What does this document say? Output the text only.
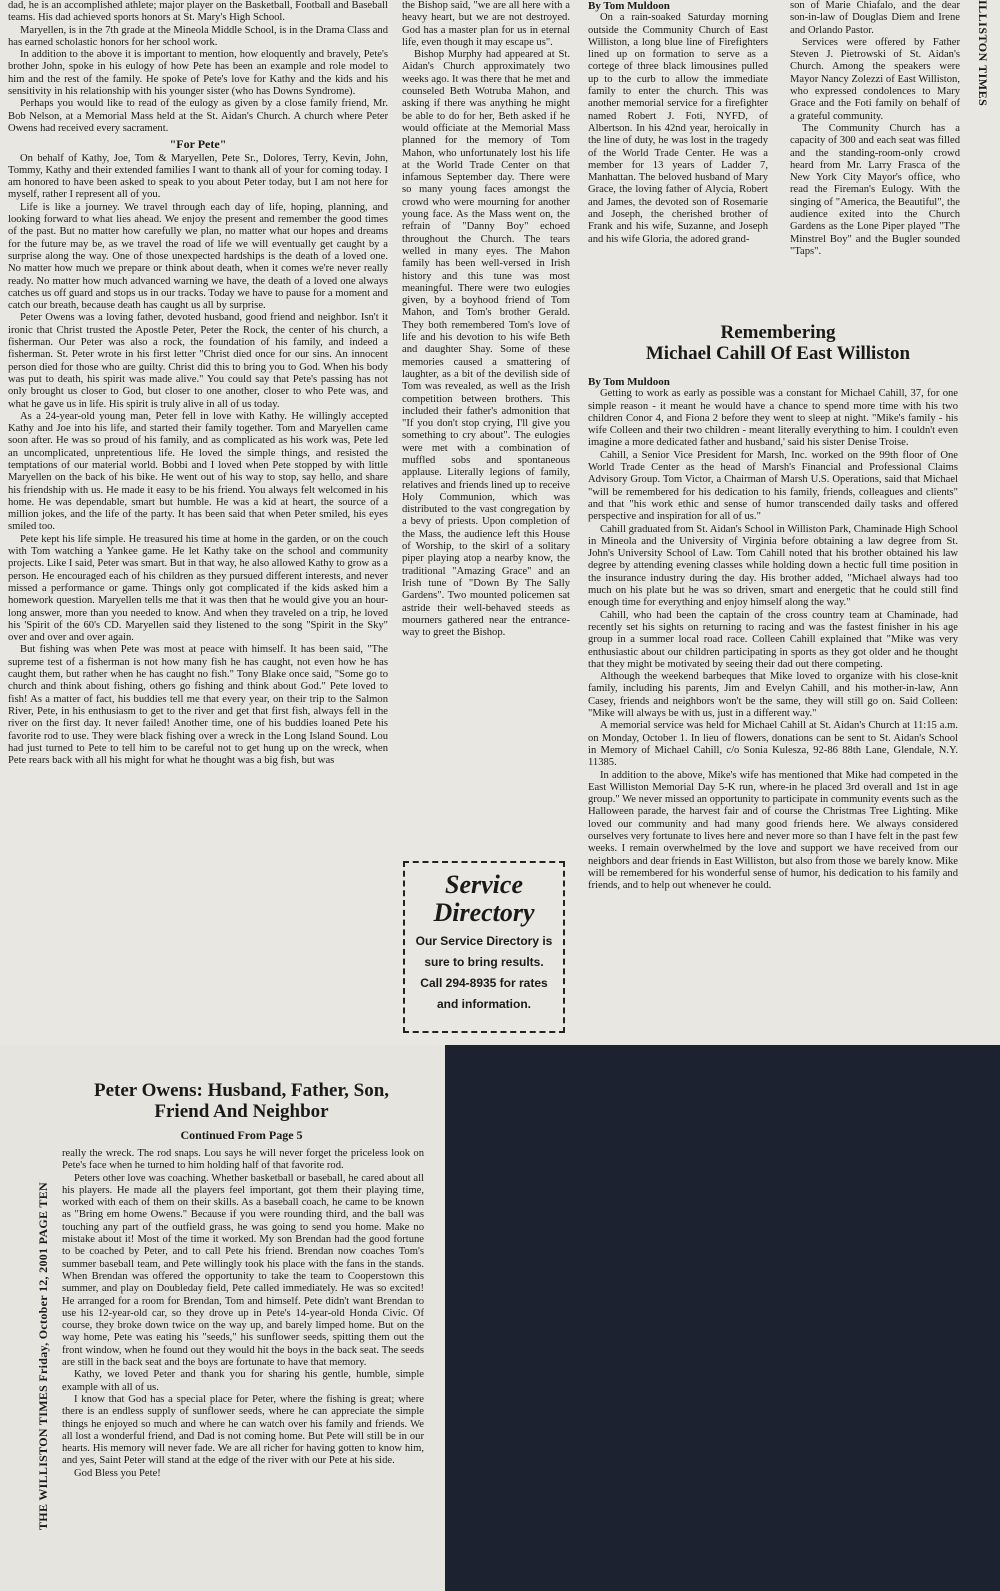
dad, he is an accomplished athlete; major player on the Basketball, Football and Baseball teams. His dad achieved sports honors at St. Mary's High School.

Maryellen, is in the 7th grade at the Mineola Middle School, is in the Drama Class and has earned scholastic honors for her school work.

In addition to the above it is important to mention, how eloquently and bravely, Pete's brother John, spoke in his eulogy of how Pete has been an example and role model to him and the rest of the family. He spoke of Pete's love for Kathy and the kids and his sensitivity in his relationship with his younger sister (who has Downs Syndrome).

Perhaps you would like to read of the eulogy as given by a close family friend, Mr. Bob Nelson, at a Memorial Mass held at the St. Aidan's Church. A church where Peter Owens had received every sacrament.

"For Pete"

On behalf of Kathy, Joe, Tom & Maryellen, Pete Sr., Dolores, Terry, Kevin, John, Tommy, Kathy and their extended families I want to thank all of your for coming today. I am honored to have been asked to speak to you about Peter today, but I am not here for myself, rather I represent all of you.

Life is like a journey. We travel through each day of life, hoping, planning, and looking forward to what lies ahead. We enjoy the present and remember the good times of the past. But no matter how carefully we plan, no matter what our hopes and dreams for the future may be, as we travel the road of life we will eventually get caught by a surprise along the way. One of those unexpected hardships is the death of a loved one. No matter how much we prepare or think about death, when it comes we're never really ready. No matter how much advanced warning we have, the death of a loved one always catches us off guard and stops us in our tracks. Today we have to pause for a moment and catch our breath, because death has caught us all by surprise.

Peter Owens was a loving father, devoted husband, good friend and neighbor. Isn't it ironic that Christ trusted the Apostle Peter, Peter the Rock, the center of his church, a fisherman. Our Peter was also a rock, the foundation of his family, and indeed a fisherman. St. Peter wrote in his first letter "Christ died once for our sins. An innocent person died for those who are guilty. Christ did this to bring you to God. When his body was put to death, his spirit was made alive." You could say that Pete's passing has not only brought us closer to God, but closer to one another, closer to who Pete was, and what he gave us in life. His spirit is truly alive in all of us today.

As a 24-year-old young man, Peter fell in love with Kathy. He willingly accepted Kathy and Joe into his life, and started their family together. Tom and Maryellen came soon after. He was so proud of his family, and as complicated as his work was, Pete led an uncomplicated, unpretentious life. He loved the simple things, and resisted the temptations of our material world. Bobbi and I loved when Pete stopped by with little Maryellen on the back of his bike. He went out of his way to stop, say hello, and share his friendship with us. He made it easy to be his friend. You always felt welcomed in his home. He was dependable, smart but humble. He was a kid at heart, the source of a million jokes, and the life of the party. It has been said that when Peter smiled, his eyes smiled too.

Pete kept his life simple. He treasured his time at home in the garden, or on the couch with Tom watching a Yankee game. He let Kathy take on the school and community projects. Like I said, Peter was smart. But in that way, he also allowed Kathy to grow as a person. He encouraged each of his children as they pursued different interests, and never missed a performance or game. Things only got complicated if the kids asked him a homework question. Maryellen tells me that it was then that he would give you an hour-long answer, more than you needed to know. And when they traveled on a trip, he loved his 'Spirit of the 60's CD. Maryellen said they listened to the song "Spirit in the Sky" over and over and over again.

But fishing was when Pete was most at peace with himself. It has been said, "The supreme test of a fisherman is not how many fish he has caught, not even how he has caught them, but rather when he has caught no fish." Tony Blake once said, "Some go to church and think about fishing, others go fishing and think about God." Pete loved to fish! As a matter of fact, his buddies tell me that every year, on their trip to the Salmon River, Pete, in his enthusiasm to get to the river and get that first fish, always fell in the river on the first day. It never failed! Another time, one of his buddies loaned Pete his favorite rod to use. They were black fishing over a wreck in the Long Island Sound. Lou had just turned to Pete to tell him to be careful not to get hung up on the wreck, when Pete rears back with all his might for what he thought was a big fish, but was

the Bishop said, "we are all here with a heavy heart, but we are not destroyed. God has a master plan for us in eternal life, even though it may escape us".

Bishop Murphy had appeared at St. Aidan's Church approximately two weeks ago. It was there that he met and counseled Beth Wotruba Mahon, and asking if there was anything he might be able to do for her, Beth asked if he would officiate at the Memorial Mass planned for the memory of Tom Mahon, who unfortunately lost his life at the World Trade Center on that infamous September day. There were so many young faces amongst the crowd who were mourning for another young face. As the Mass went on, the refrain of "Danny Boy" echoed throughout the Church. The tears welled in many eyes. The Mahon family has been well-versed in Irish history and this tune was most meaningful. There were two eulogies given, by a boyhood friend of Tom Mahon, and Tom's brother Gerald. They both remembered Tom's love of life and his devotion to his wife Beth and daughter Shay. Some of these memories caused a smattering of laughter, as a bit of the devilish side of Tom was revealed, as well as the Irish competition between brothers. This included their father's admonition that "If you don't stop crying, I'll give you something to cry about". The eulogies were met with a combination of muffled sobs and spontaneous applause. Literally legions of family, relatives and friends lined up to receive Holy Communion, which was distributed to the vast congregation by a bevy of priests. Upon completion of the Mass, the audience left this House of Worship, to the skirl of a solitary piper playing atop a nearby know, the traditional "Amazing Grace" and an Irish tune of "Down By The Sally Gardens". Two mounted policemen sat astride their well-behaved steeds as mourners gathered near the entrance-way to greet the Bishop.

By Tom Muldoon

On a rain-soaked Saturday morning outside the Community Church of East Williston, a long blue line of Firefighters lined up on formation to serve as a cortege of three black limousines pulled up to the curb to allow the immediate family to enter the church. This was another memorial service for a firefighter named Robert J. Foti, NYFD, of Albertson. In his 42nd year, heroically in the line of duty, he was lost in the tragedy of the World Trade Center. He was a member for 13 years of Ladder 7, Manhattan. The beloved husband of Mary Grace, the loving father of Alycia, Robert and James, the devoted son of Rosemarie and Joseph, the cherished brother of Frank and his wife, Suzanne, and Joseph and his wife Gloria, the adored grand-

son of Marie Chiafalo, and the dear son-in-law of Douglas Diem and Irene and Orlando Pastor.

Services were offered by Father Steven J. Pietrowski of St. Aidan's Church. Among the speakers were Mayor Nancy Zolezzi of East Williston, who expressed condolences to Mary Grace and the Foti family on behalf of a grateful community.

The Community Church has a capacity of 300 and each seat was filled and the standing-room-only crowd heard from Mr. Larry Frasca of the New York City Mayor's office, who read the Fireman's Eulogy. With the singing of "America, the Beautiful", the audience exited into the Church Gardens as the Lone Piper played "The Minstrel Boy" and the Bugler sounded "Taps".

ILLISTON TIMES
Remembering
Michael Cahill Of East Williston

By Tom Muldoon

Getting to work as early as possible was a constant for Michael Cahill, 37, for one simple reason - it meant he would have a chance to spend more time with his two children Conor 4, and Fiona 2 before they went to sleep at night. "Mike's family - his wife Colleen and their two children - meant literally everything to him. I couldn't even imagine a more dedicated father and husband,' said his sister Denise Troise.

Cahill, a Senior Vice President for Marsh, Inc. worked on the 99th floor of One World Trade Center as the head of Marsh's Financial and Professional Claims Advisory Group. Tom Victor, a Chairman of Marsh U.S. Operations, said that Michael "will be remembered for his dedication to his family, friends, colleagues and clients" and that "his work ethic and sense of humor transcended daily tasks and offered perspective and inspiration for all of us."

Cahill graduated from St. Aidan's School in Williston Park, Chaminade High School in Mineola and the University of Virginia before obtaining a law degree from St. John's University School of Law. Tom Cahill noted that his brother obtained his law degree by attending evening classes while holding down a hectic full time position in the insurance industry during the day. His brother added, "Michael always had too much on his plate but he was so driven, smart and energetic that he could still find enough time for everything and enjoy himself along the way."

Cahill, who had been the captain of the cross country team at Chaminade, had recently set his sights on returning to racing and was the fastest finisher in his age group in a summer local road race. Colleen Cahill explained that "Mike was very enthusiastic about our children participating in sports as they got older and he thought that they might be motivated by seeing their dad out there competing.

Although the weekend barbeques that Mike loved to organize with his close-knit family, including his parents, Jim and Evelyn Cahill, and his mother-in-law, Ann Casey, friends and neighbors won't be the same, they will still go on. Said Colleen: "Mike will always be with us, just in a different way."

A memorial service was held for Michael Cahill at St. Aidan's Church at 11:15 a.m. on Monday, October 1. In lieu of flowers, donations can be sent to St. Aidan's School in Memory of Michael Cahill, c/o Sonia Kulesza, 92-86 88th Lane, Glendale, N.Y. 11385.

In addition to the above, Mike's wife has mentioned that Mike had competed in the East Williston Memorial Day 5-K run, where-in he placed 3rd overall and 1st in age group." We never missed an opportunity to participate in community events such as the Halloween parade, the harvest fair and of course the Christmas Tree Lighting. Mike loved our community and had many good friends here. We always considered ourselves very fortunate to lives here and never more so than I have felt in the past few weeks. I remain overwhelmed by the love and support we have received from our neighbors and dear friends in East Williston, but also from those we barely know. Mike will be remembered for his wonderful sense of humor, his dedication to his family and friends, and to help out whenever he could.

Service
Directory
Our Service Directory is
sure to bring results.
Call 294-8935 for rates
and information.
THE WILLISTON TIMES Friday, October 12, 2001 PAGE TEN
Peter Owens: Husband, Father, Son,
Friend And Neighbor
Continued From Page 5

really the wreck. The rod snaps. Lou says he will never forget the priceless look on Pete's face when he turned to him holding half of that favorite rod.

Peters other love was coaching. Whether basketball or baseball, he cared about all his players. He made all the players feel important, got them their playing time, worked with each of them on their skills. As a baseball coach, he came to be known as "Bring em home Owens." Because if you were rounding third, and the ball was touching any part of the outfield grass, he was going to send you home. Make no mistake about it! Most of the time it worked. My son Brendan had the good fortune to be coached by Peter, and to call Pete his friend. Brendan now coaches Tom's summer baseball team, and Pete willingly took his place with the fans in the stands. When Brendan was offered the opportunity to take the team to Cooperstown this summer, and play on Doubleday field, Pete called immediately. He was so excited! He arranged for a room for Brendan, Tom and himself. Pete didn't want Brendan to use his 12-year-old car, so they drove up in Pete's 14-year-old Honda Civic. Of course, they broke down twice on the way up, and barely limped home. But on the way home, Pete was eating his "seeds," his sunflower seeds, spitting them out the front window, when he found out they would hit the boys in the back seat. The seeds are still in the back seat and the boys are fortunate to have that memory.

Kathy, we loved Peter and thank you for sharing his gentle, humble, simple example with all of us.

I know that God has a special place for Peter, where the fishing is great; where there is an endless supply of sunflower seeds, where he can appreciate the simple things he enjoyed so much and where he can watch over his family and friends. We all lost a wonderful friend, and Dad is not coming home. But Pete will still be in our hearts. His memory will never fade. We are all richer for having gotten to know him, and yes, Saint Peter will stand at the edge of the river with our Pete at his side.

God Bless you Pete!
